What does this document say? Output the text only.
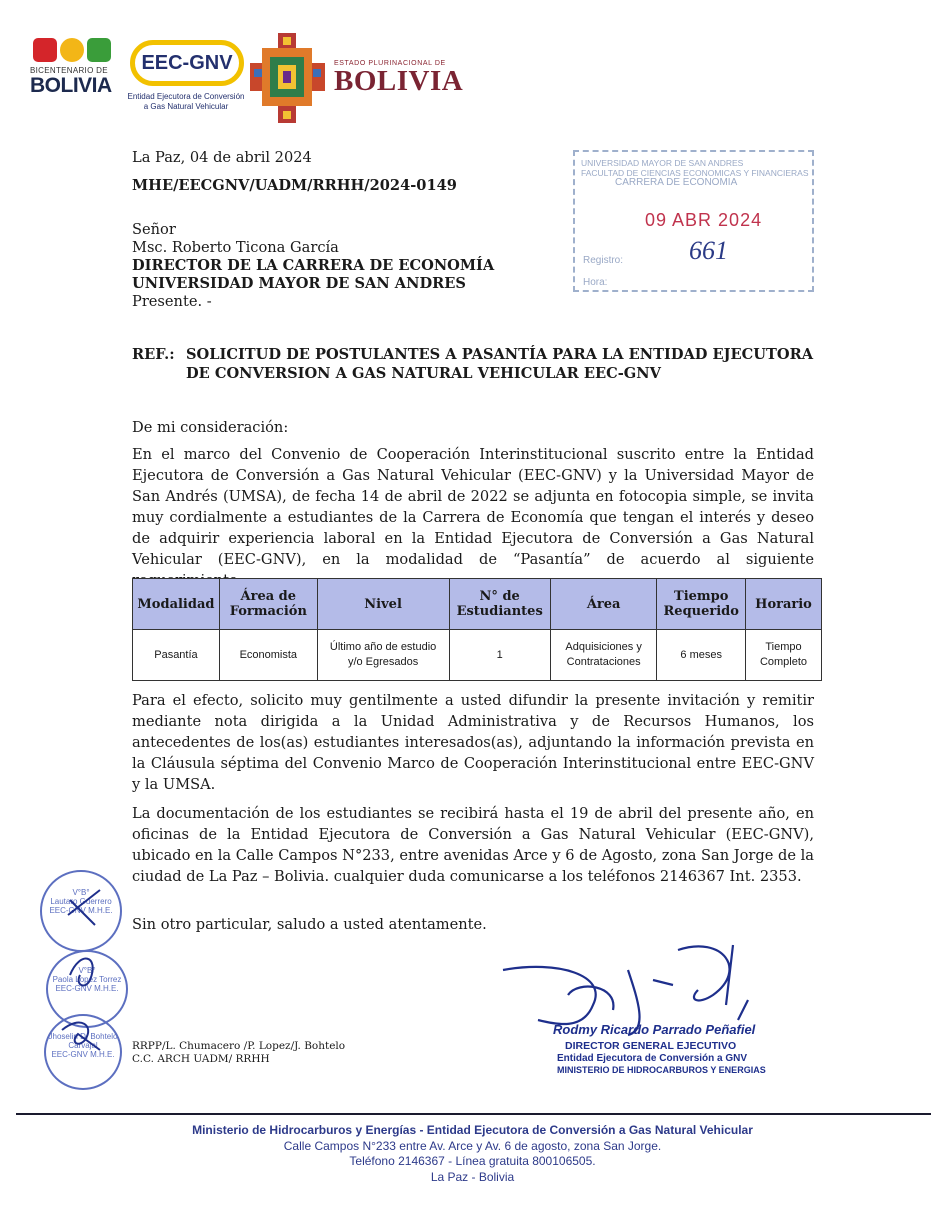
BICENTENARIO DE
BOLIVIA
EEC-GNV
Entidad Ejecutora de Conversión
a Gas Natural Vehicular
ESTADO PLURINACIONAL DE
BOLIVIA
La Paz, 04 de abril 2024
MHE/EECGNV/UADM/RRHH/2024-0149
Señor
Msc. Roberto Ticona García
DIRECTOR DE LA CARRERA DE ECONOMÍA
UNIVERSIDAD MAYOR DE SAN ANDRES
Presente. -
UNIVERSIDAD MAYOR DE SAN ANDRES
FACULTAD DE CIENCIAS ECONOMICAS Y FINANCIERAS
CARRERA DE ECONOMIA
09 ABR 2024
661
Registro:
Hora:
REF.: SOLICITUD DE POSTULANTES A PASANTÍA PARA LA ENTIDAD EJECUTORA
DE CONVERSION A GAS NATURAL VEHICULAR EEC-GNV
De mi consideración:
En el marco del Convenio de Cooperación Interinstitucional suscrito entre la Entidad Ejecutora de Conversión a Gas Natural Vehicular (EEC-GNV) y la Universidad Mayor de San Andrés (UMSA), de fecha 14 de abril de 2022 se adjunta en fotocopia simple, se invita muy cordialmente a estudiantes de la Carrera de Economía que tengan el interés y deseo de adquirir experiencia laboral en la Entidad Ejecutora de Conversión a Gas Natural Vehicular (EEC-GNV), en la modalidad de “Pasantía” de acuerdo al siguiente
Modalidad	Área de Formación	Nivel	N° de Estudiantes	Área	Tiempo Requerido	Horario
Pasantía	Economista	Último año de estudio y/o Egresados	1	Adquisiciones y Contrataciones	6 meses	Tiempo Completo
Para el efecto, solicito muy gentilmente a usted difundir la presente invitación y remitir mediante nota dirigida a la Unidad Administrativa y de Recursos Humanos, los antecedentes de los(as) estudiantes interesados(as), adjuntando la información prevista en la Cláusula séptima del Convenio Marco de Cooperación Interinstitucional entre EEC-GNV y la UMSA.
La documentación de los estudiantes se recibirá hasta el 19 de abril del presente año, en oficinas de la Entidad Ejecutora de Conversión a Gas Natural Vehicular (EEC-GNV), ubicado en la Calle Campos N°233, entre avenidas Arce y 6 de Agosto, zona San Jorge de la ciudad de La Paz – Bolivia. cualquier duda comunicarse a los teléfonos 2146367 Int. 2353.
Sin otro particular, saludo a usted atentamente.
V°B°
Lautaro Guerrero
EEC-GNV M.H.E.
V°B°
Paola Lopez Torrez
EEC-GNV M.H.E.
Jhoselin D. Bohtelo Carvajal
EEC-GNV M.H.E.
RRPP/L. Chumacero /P. Lopez/J. Bohtelo
C.C. ARCH UADM/ RRHH
Rodmy Ricardo Parrado Peñafiel
DIRECTOR GENERAL EJECUTIVO
Entidad Ejecutora de Conversión a GNV
MINISTERIO DE HIDROCARBUROS Y ENERGIAS
Ministerio de Hidrocarburos y Energías - Entidad Ejecutora de Conversión a Gas Natural Vehicular
Calle Campos N°233 entre Av. Arce y Av. 6 de agosto, zona San Jorge.
Teléfono 2146367 - Línea gratuita 800106505.
La Paz - Bolivia
